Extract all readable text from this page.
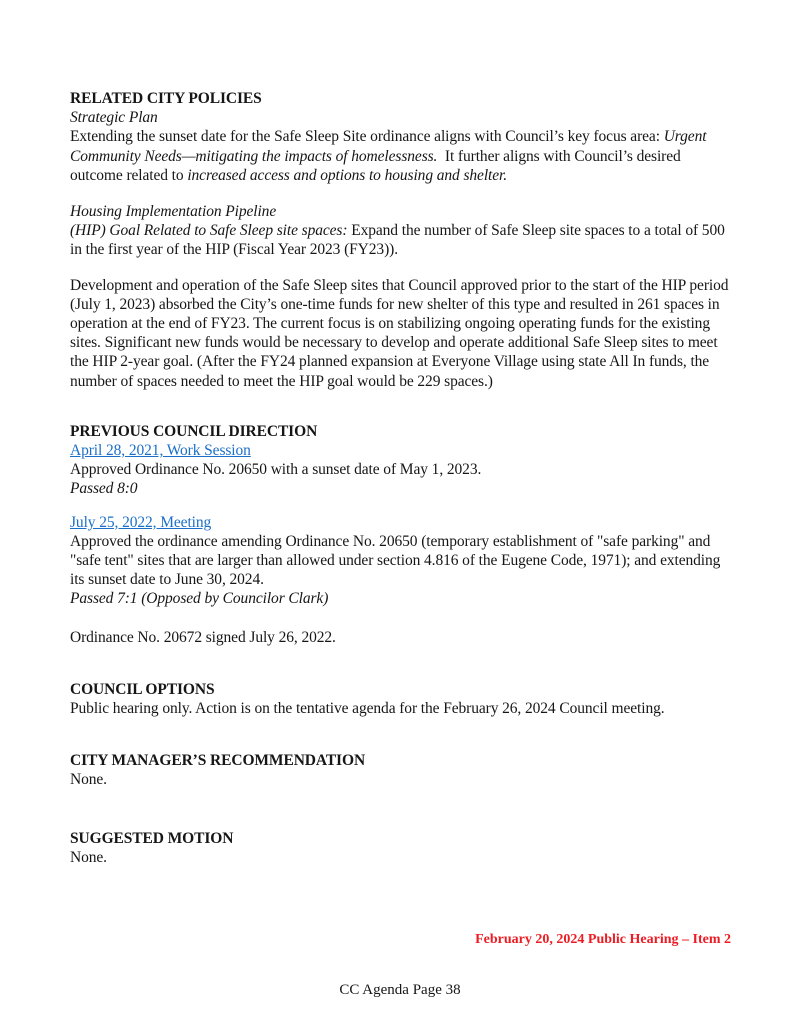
RELATED CITY POLICIES

Strategic Plan

Extending the sunset date for the Safe Sleep Site ordinance aligns with Council’s key focus area: Urgent Community Needs—mitigating the impacts of homelessness.  It further aligns with Council’s desired outcome related to increased access and options to housing and shelter.

Housing Implementation Pipeline

(HIP) Goal Related to Safe Sleep site spaces: Expand the number of Safe Sleep site spaces to a total of 500 in the first year of the HIP (Fiscal Year 2023 (FY23)).

Development and operation of the Safe Sleep sites that Council approved prior to the start of the HIP period (July 1, 2023) absorbed the City’s one-time funds for new shelter of this type and resulted in 261 spaces in operation at the end of FY23. The current focus is on stabilizing ongoing operating funds for the existing sites. Significant new funds would be necessary to develop and operate additional Safe Sleep sites to meet the HIP 2-year goal. (After the FY24 planned expansion at Everyone Village using state All In funds, the number of spaces needed to meet the HIP goal would be 229 spaces.)

PREVIOUS COUNCIL DIRECTION

April 28, 2021, Work Session

Approved Ordinance No. 20650 with a sunset date of May 1, 2023.

Passed 8:0

July 25, 2022, Meeting

Approved the ordinance amending Ordinance No. 20650 (temporary establishment of "safe parking" and "safe tent" sites that are larger than allowed under section 4.816 of the Eugene Code, 1971); and extending its sunset date to June 30, 2024.

Passed 7:1 (Opposed by Councilor Clark)

Ordinance No. 20672 signed July 26, 2022.

COUNCIL OPTIONS

Public hearing only. Action is on the tentative agenda for the February 26, 2024 Council meeting.

CITY MANAGER’S RECOMMENDATION

None.

SUGGESTED MOTION

None.

February 20, 2024 Public Hearing – Item 2
CC Agenda Page 38
